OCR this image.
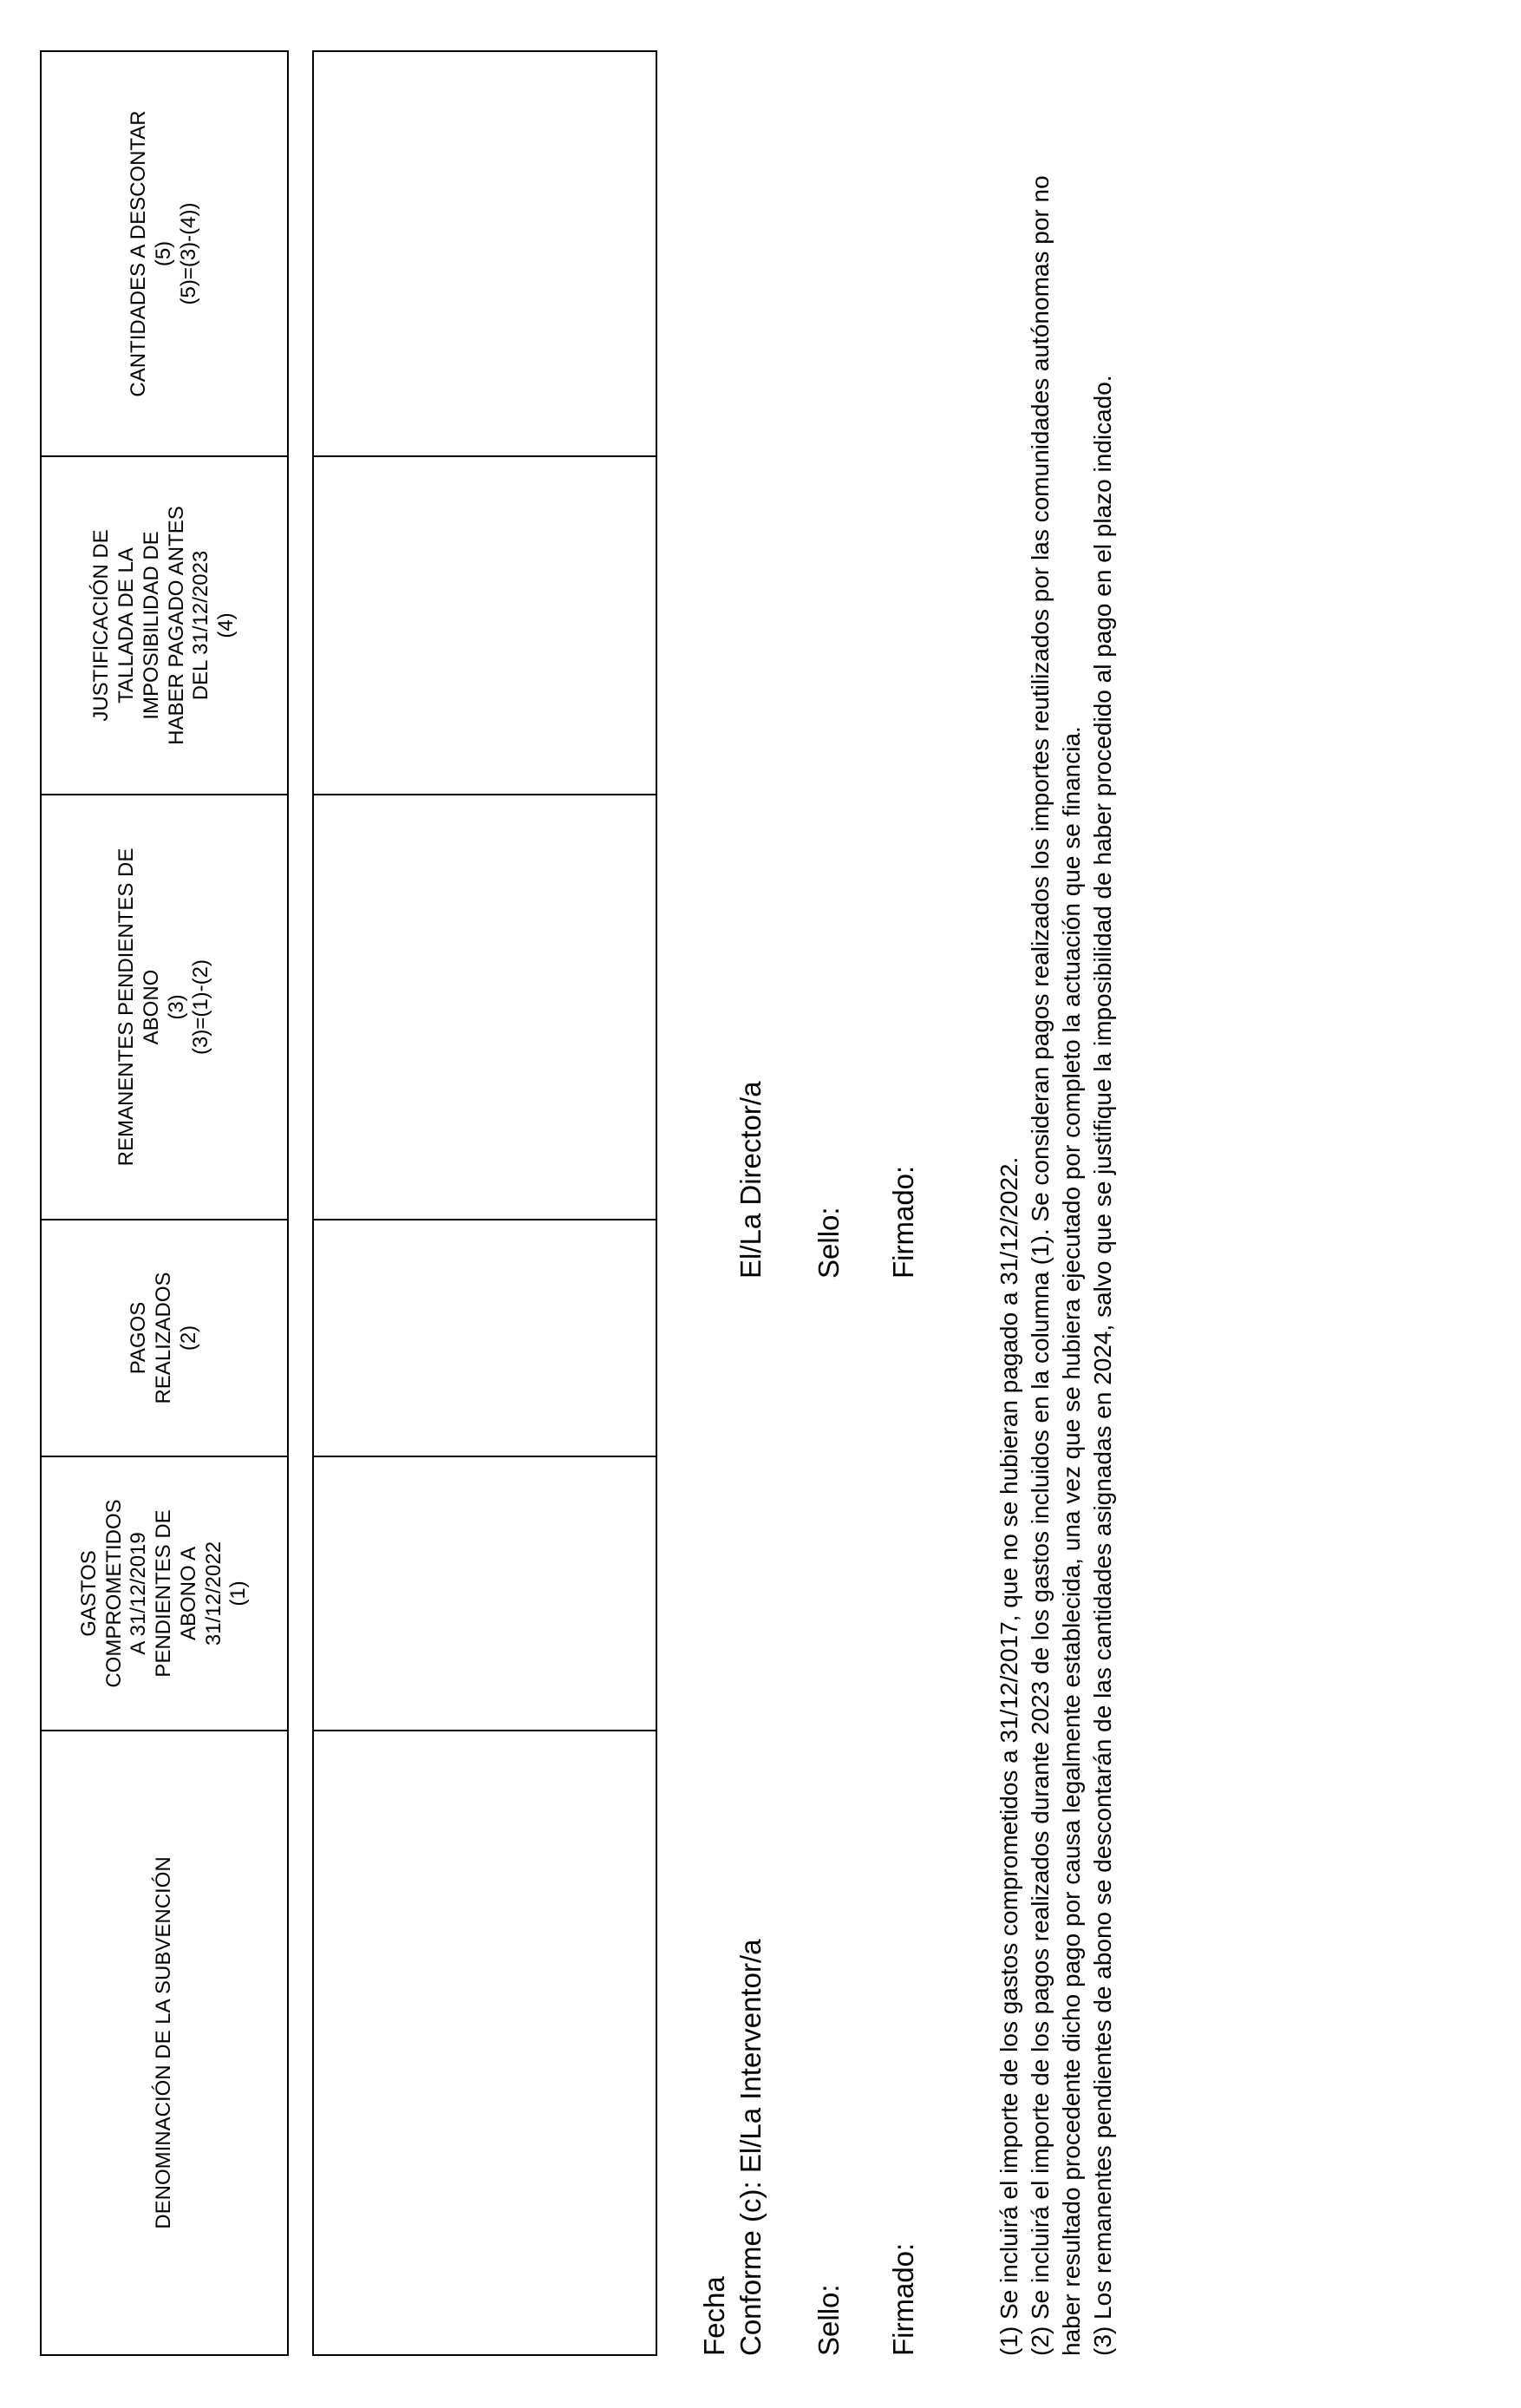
DENOMINACIÓN DE LA SUBVENCIÓN	GASTOS
COMPROMETIDOS
A 31/12/2019
PENDIENTES DE
ABONO A
31/12/2022
(1)	PAGOS
REALIZADOS
(2)	REMANENTES PENDIENTES DE
ABONO
(3)
(3)=(1)-(2)	JUSTIFICACIÓN DE
TALLADA DE LA
IMPOSIBILIDAD DE
HABER PAGADO ANTES
DEL 31/12/2023
(4)	CANTIDADES A DESCONTAR
(5)
(5)=(3)-(4))

Fecha Conforme (c): El/La Interventor/a
El/La Director/a
Sello:
Sello:
Firmado:
Firmado:	(1) Se incluirá el importe de los gastos comprometidos a 31/12/2017, que no se hubieran pagado a 31/12/2022. (2) Se incluirá el importe de los pagos realizados durante 2023 de los gastos incluidos en la columna (1). Se consideran pagos realizados los importes reutilizados por las comunidades autónomas por no haber resultado procedente dicho pago por causa legalmente establecida, una vez que se hubiera ejecutado por completo la actuación que se financia. (3) Los remanentes pendientes de abono se descontarán de las cantidades asignadas en 2024, salvo que se justifique la imposibilidad de haber procedido al pago en el plazo indicado.
